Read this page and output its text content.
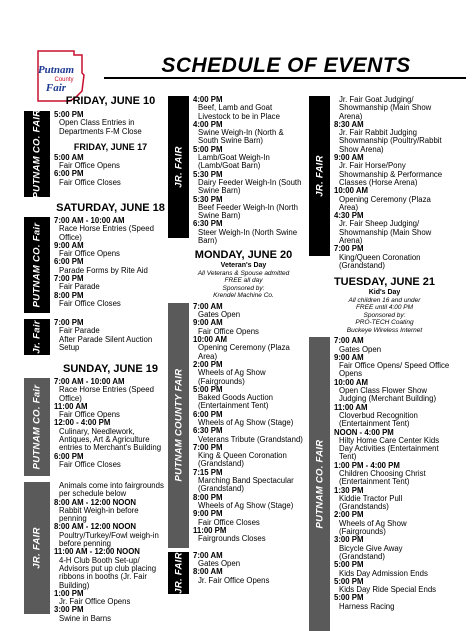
Putnam
County
Fair
SCHEDULE OF EVENTS
FRIDAY, JUNE 10
PUTNAM CO. FAIR 5:00 PM
Open Class Entries in Departments F-M Close
FRIDAY, JUNE 17
5:00 AM
Fair Office Opens
6:00 PM
Fair Office Closes
SATURDAY, JUNE 18
PUTNAM CO. Fair
7:00 AM - 10:00 AM
Race Horse Entries (Speed Office)
9:00 AM
Fair Office Opens
6:00 PM
Parade Forms by Rite Aid
7:00 PM
Fair Parade
8:00 PM
Fair Office Closes
Jr. Fair 7:00 PM
Fair Parade
After Parade Silent Auction Setup
SUNDAY, JUNE 19
PUTNAM CO. Fair
7:00 AM - 10:00 AM
Race Horse Entries (Speed Office)
11:00 AM
Fair Office Opens
12:00 - 4:00 PM
Culinary, Needlework, Antiques, Art & Agriculture entries to Merchant's Building
6:00 PM
Fair Office Closes
JR. FAIR
Animals come into fairgrounds per schedule below
8:00 AM - 12:00 NOON
Rabbit Weigh-in before penning
8:00 AM - 12:00 NOON
Poultry/Turkey/Fowl weigh-in before penning
11:00 AM - 12:00 NOON
4-H Club Booth Set-up/ Advisors put up club placing ribbons in booths (Jr. Fair Building)
1:00 PM
Jr. Fair Office Opens
3:00 PM
Swine in Barns
JR. FAIR
4:00 PM
Beef, Lamb and Goat Livestock to be in Place
4:00 PM
Swine Weigh-In (North & South Swine Barn)
5:00 PM
Lamb/Goat Weigh-In (Lamb/Goat Barn)
5:30 PM
Dairy Feeder Weigh-In (South Swine Barn)
5:30 PM
Beef Feeder Weigh-In (North Swine Barn)
6:30 PM
Steer Weigh-In (North Swine Barn)
MONDAY, JUNE 20
Veteran's Day
All Veterans & Spouse admitted
FREE all day
Sponsored by:
Krendel Machine Co.
PUTNAM COUNTY FAIR
7:00 AM
Gates Open
9:00 AM
Fair Office Opens
10:00 AM
Opening Ceremony (Plaza Area)
2:00 PM
Wheels of Ag Show (Fairgrounds)
5:00 PM
Baked Goods Auction (Entertainment Tent)
6:00 PM
Wheels of Ag Show (Stage)
6:30 PM
Veterans Tribute (Grandstand)
7:00 PM
King & Queen Coronation (Grandstand)
7:15 PM
Marching Band Spectacular (Grandstand)
8:00 PM
Wheels of Ag Show (Stage)
9:00 PM
Fair Office Closes
11:00 PM
Fairgrounds Closes
JR. FAIR 7:00 AM
Gates Open
8:00 AM
Jr. Fair Office Opens
JR. FAIR
Jr. Fair Goat Judging/ Showmanship (Main Show Arena)
8:30 AM
Jr. Fair Rabbit Judging Showmanship (Poultry/Rabbit Show Arena)
9:00 AM
Jr. Fair Horse/Pony Showmanship & Performance Classes (Horse Arena)
10:00 AM
Opening Ceremony (Plaza Area)
4:30 PM
Jr. Fair Sheep Judging/ Showmanship (Main Show Arena)
7:00 PM
King/Queen Coronation (Grandstand)
TUESDAY, JUNE 21
Kid's Day
All children 16 and under
FREE until 4:00 PM
Sponsored by:
PRO-TECH Coating
Buckeye Wireless Internet
PUTNAM CO. FAIR
7:00 AM
Gates Open
9:00 AM
Fair Office Opens/ Speed Office Opens
10:00 AM
Open Class Flower Show Judging (Merchant Building)
11:00 AM
Cloverbud Recognition (Entertainment Tent)
NOON - 4:00 PM
Hilty Home Care Center Kids Day Activities (Entertainment Tent)
1:00 PM - 4:00 PM
Children Choosing Christ (Entertainment Tent)
1:30 PM
Kiddie Tractor Pull (Grandstands)
2:00 PM
Wheels of Ag Show (Fairgrounds)
3:00 PM
Bicycle Give Away (Grandstand)
5:00 PM
Kids Day Admission Ends
5:00 PM
Kids Day Ride Special Ends
5:00 PM
Harness Racing
